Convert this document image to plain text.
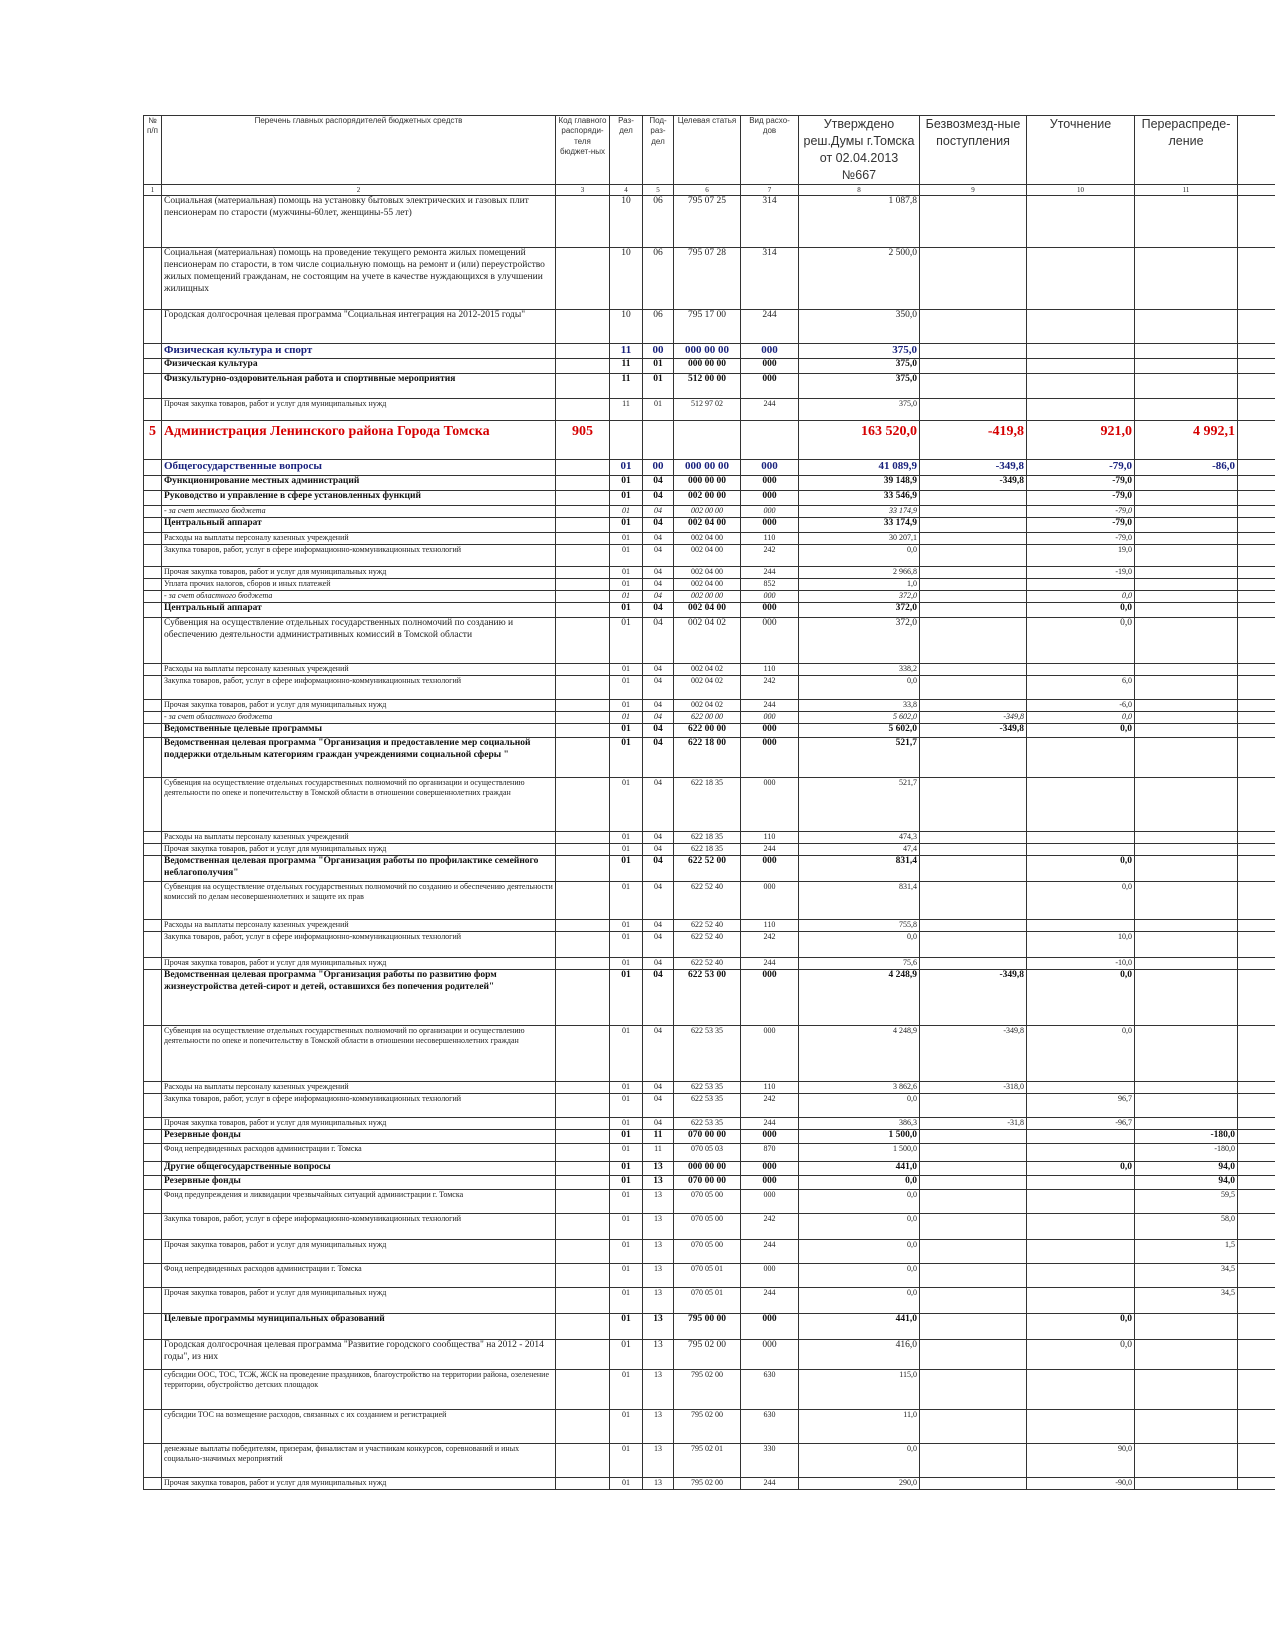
№ п/п	Перечень главных распорядителей бюджетных средств	Код главного распоряди-теля бюджет-ных	Раз-дел	Под-раз-дел	Целевая статья	Вид расхо-дов	Утверждено реш.Думы г.Томска от 02.04.2013 №667	Безвозмезд-ные поступления	Уточнение	Перераспреде-ление	
1	2	3	4	5	6	7	8	9	10	11	
	Социальная (материальная) помощь на установку бытовых электрических и газовых плит пенсионерам по старости (мужчины-60лет, женщины-55 лет)		10	06	795 07 25	314	1 087,8				
	Социальная (материальная) помощь на проведение текущего ремонта жилых помещений пенсионерам по старости, в том числе социальную помощь на ремонт и (или) переустройство жилых помещений гражданам, не состоящим на учете в качестве нуждающихся в улучшении жилищных		10	06	795 07 28	314	2 500,0				
	Городская долгосрочная целевая программа "Социальная интеграция на 2012-2015 годы"		10	06	795 17 00	244	350,0				
	Физическая культура и спорт		11	00	000 00 00	000	375,0				
	Физическая культура		11	01	000 00 00	000	375,0				
	Физкультурно-оздоровительная работа и спортивные мероприятия		11	01	512 00 00	000	375,0				
	Прочая закупка товаров, работ и услуг для муниципальных нужд		11	01	512 97 02	244	375,0				
5	Администрация Ленинского района Города Томска	905					163 520,0	-419,8	921,0	4 992,1	
	Общегосударственные вопросы		01	00	000 00 00	000	41 089,9	-349,8	-79,0	-86,0	
	Функционирование местных администраций		01	04	000 00 00	000	39 148,9	-349,8	-79,0		
	Руководство и управление в сфере установленных функций		01	04	002 00 00	000	33 546,9		-79,0		
	- за счет местного бюджета		01	04	002 00 00	000	33 174,9		-79,0		
	Центральный аппарат		01	04	002 04 00	000	33 174,9		-79,0		
	Расходы на выплаты персоналу казенных учреждений		01	04	002 04 00	110	30 207,1		-79,0		
	Закупка товаров, работ, услуг в сфере информационно-коммуникационных технологий		01	04	002 04 00	242	0,0		19,0		
	Прочая закупка товаров, работ и услуг для муниципальных нужд		01	04	002 04 00	244	2 966,8		-19,0		
	Уплата прочих налогов, сборов и иных платежей		01	04	002 04 00	852	1,0				
	- за счет областного бюджета		01	04	002 00 00	000	372,0		0,0		
	Центральный аппарат		01	04	002 04 00	000	372,0		0,0		
	Субвенция на осуществление отдельных государственных полномочий по созданию и обеспечению деятельности административных комиссий в Томской области		01	04	002 04 02	000	372,0		0,0		
	Расходы на выплаты персоналу казенных учреждений		01	04	002 04 02	110	338,2				
	Закупка товаров, работ, услуг в сфере информационно-коммуникационных технологий		01	04	002 04 02	242	0,0		6,0		
	Прочая закупка товаров, работ и услуг для муниципальных нужд		01	04	002 04 02	244	33,8		-6,0		
	- за счет областного бюджета		01	04	622 00 00	000	5 602,0	-349,8	0,0		
	Ведомственные целевые программы		01	04	622 00 00	000	5 602,0	-349,8	0,0		
	Ведомственная целевая программа "Организация и предоставление мер социальной поддержки отдельным категориям граждан учреждениями социальной сферы "		01	04	622 18 00	000	521,7				
	Субвенция на осуществление отдельных государственных полномочий по организации и осуществлению деятельности по опеке и попечительству в Томской области в отношении совершеннолетних граждан		01	04	622 18 35	000	521,7				
	Расходы на выплаты персоналу казенных учреждений		01	04	622 18 35	110	474,3				
	Прочая закупка товаров, работ и услуг для муниципальных нужд		01	04	622 18 35	244	47,4				
	Ведомственная целевая программа "Организация работы по профилактике семейного неблагополучия"		01	04	622 52 00	000	831,4		0,0		
	Субвенция на осуществление отдельных государственных полномочий по созданию и обеспечению деятельности комиссий по делам несовершеннолетних и защите их прав		01	04	622 52 40	000	831,4		0,0		
	Расходы на выплаты персоналу казенных учреждений		01	04	622 52 40	110	755,8				
	Закупка товаров, работ, услуг в сфере информационно-коммуникационных технологий		01	04	622 52 40	242	0,0		10,0		
	Прочая закупка товаров, работ и услуг для муниципальных нужд		01	04	622 52 40	244	75,6		-10,0		
	Ведомственная целевая программа "Организация работы по развитию форм жизнеустройства детей-сирот и детей, оставшихся без попечения родителей"		01	04	622 53 00	000	4 248,9	-349,8	0,0		
	Субвенция на осуществление отдельных государственных полномочий по организации и осуществлению деятельности по опеке и попечительству в Томской области в отношении несовершеннолетних граждан		01	04	622 53 35	000	4 248,9	-349,8	0,0		
	Расходы на выплаты персоналу казенных учреждений		01	04	622 53 35	110	3 862,6	-318,0			
	Закупка товаров, работ, услуг в сфере информационно-коммуникационных технологий		01	04	622 53 35	242	0,0		96,7		
	Прочая закупка товаров, работ и услуг для муниципальных нужд		01	04	622 53 35	244	386,3	-31,8	-96,7		
	Резервные фонды		01	11	070 00 00	000	1 500,0			-180,0	
	Фонд непредвиденных расходов администрации г. Томска		01	11	070 05 03	870	1 500,0			-180,0	
	Другие общегосударственные вопросы		01	13	000 00 00	000	441,0		0,0	94,0	
	Резервные фонды		01	13	070 00 00	000	0,0			94,0	
	Фонд предупреждения и ликвидации чрезвычайных ситуаций администрации г. Томска		01	13	070 05 00	000	0,0			59,5	
	Закупка товаров, работ, услуг в сфере информационно-коммуникационных технологий		01	13	070 05 00	242	0,0			58,0	
	Прочая закупка товаров, работ и услуг для муниципальных нужд		01	13	070 05 00	244	0,0			1,5	
	Фонд непредвиденных расходов администрации г. Томска		01	13	070 05 01	000	0,0			34,5	
	Прочая закупка товаров, работ и услуг для муниципальных нужд		01	13	070 05 01	244	0,0			34,5	
	Целевые программы муниципальных образований		01	13	795 00 00	000	441,0		0,0		
	Городская долгосрочная целевая программа "Развитие городского сообщества" на 2012 - 2014 годы", из них		01	13	795 02 00	000	416,0		0,0		
	субсидии ООС, ТОС, ТСЖ, ЖСК на проведение праздников, благоустройство на территории района, озеленение территории, обустройство детских площадок		01	13	795 02 00	630	115,0				
	субсидии ТОС на возмещение расходов, связанных с их созданием и регистрацией		01	13	795 02 00	630	11,0				
	денежные выплаты победителям, призерам, финалистам и участникам конкурсов, соревнований и иных социально-значимых мероприятий		01	13	795 02 01	330	0,0		90,0		
	Прочая закупка товаров, работ и услуг для муниципальных нужд		01	13	795 02 00	244	290,0		-90,0		
